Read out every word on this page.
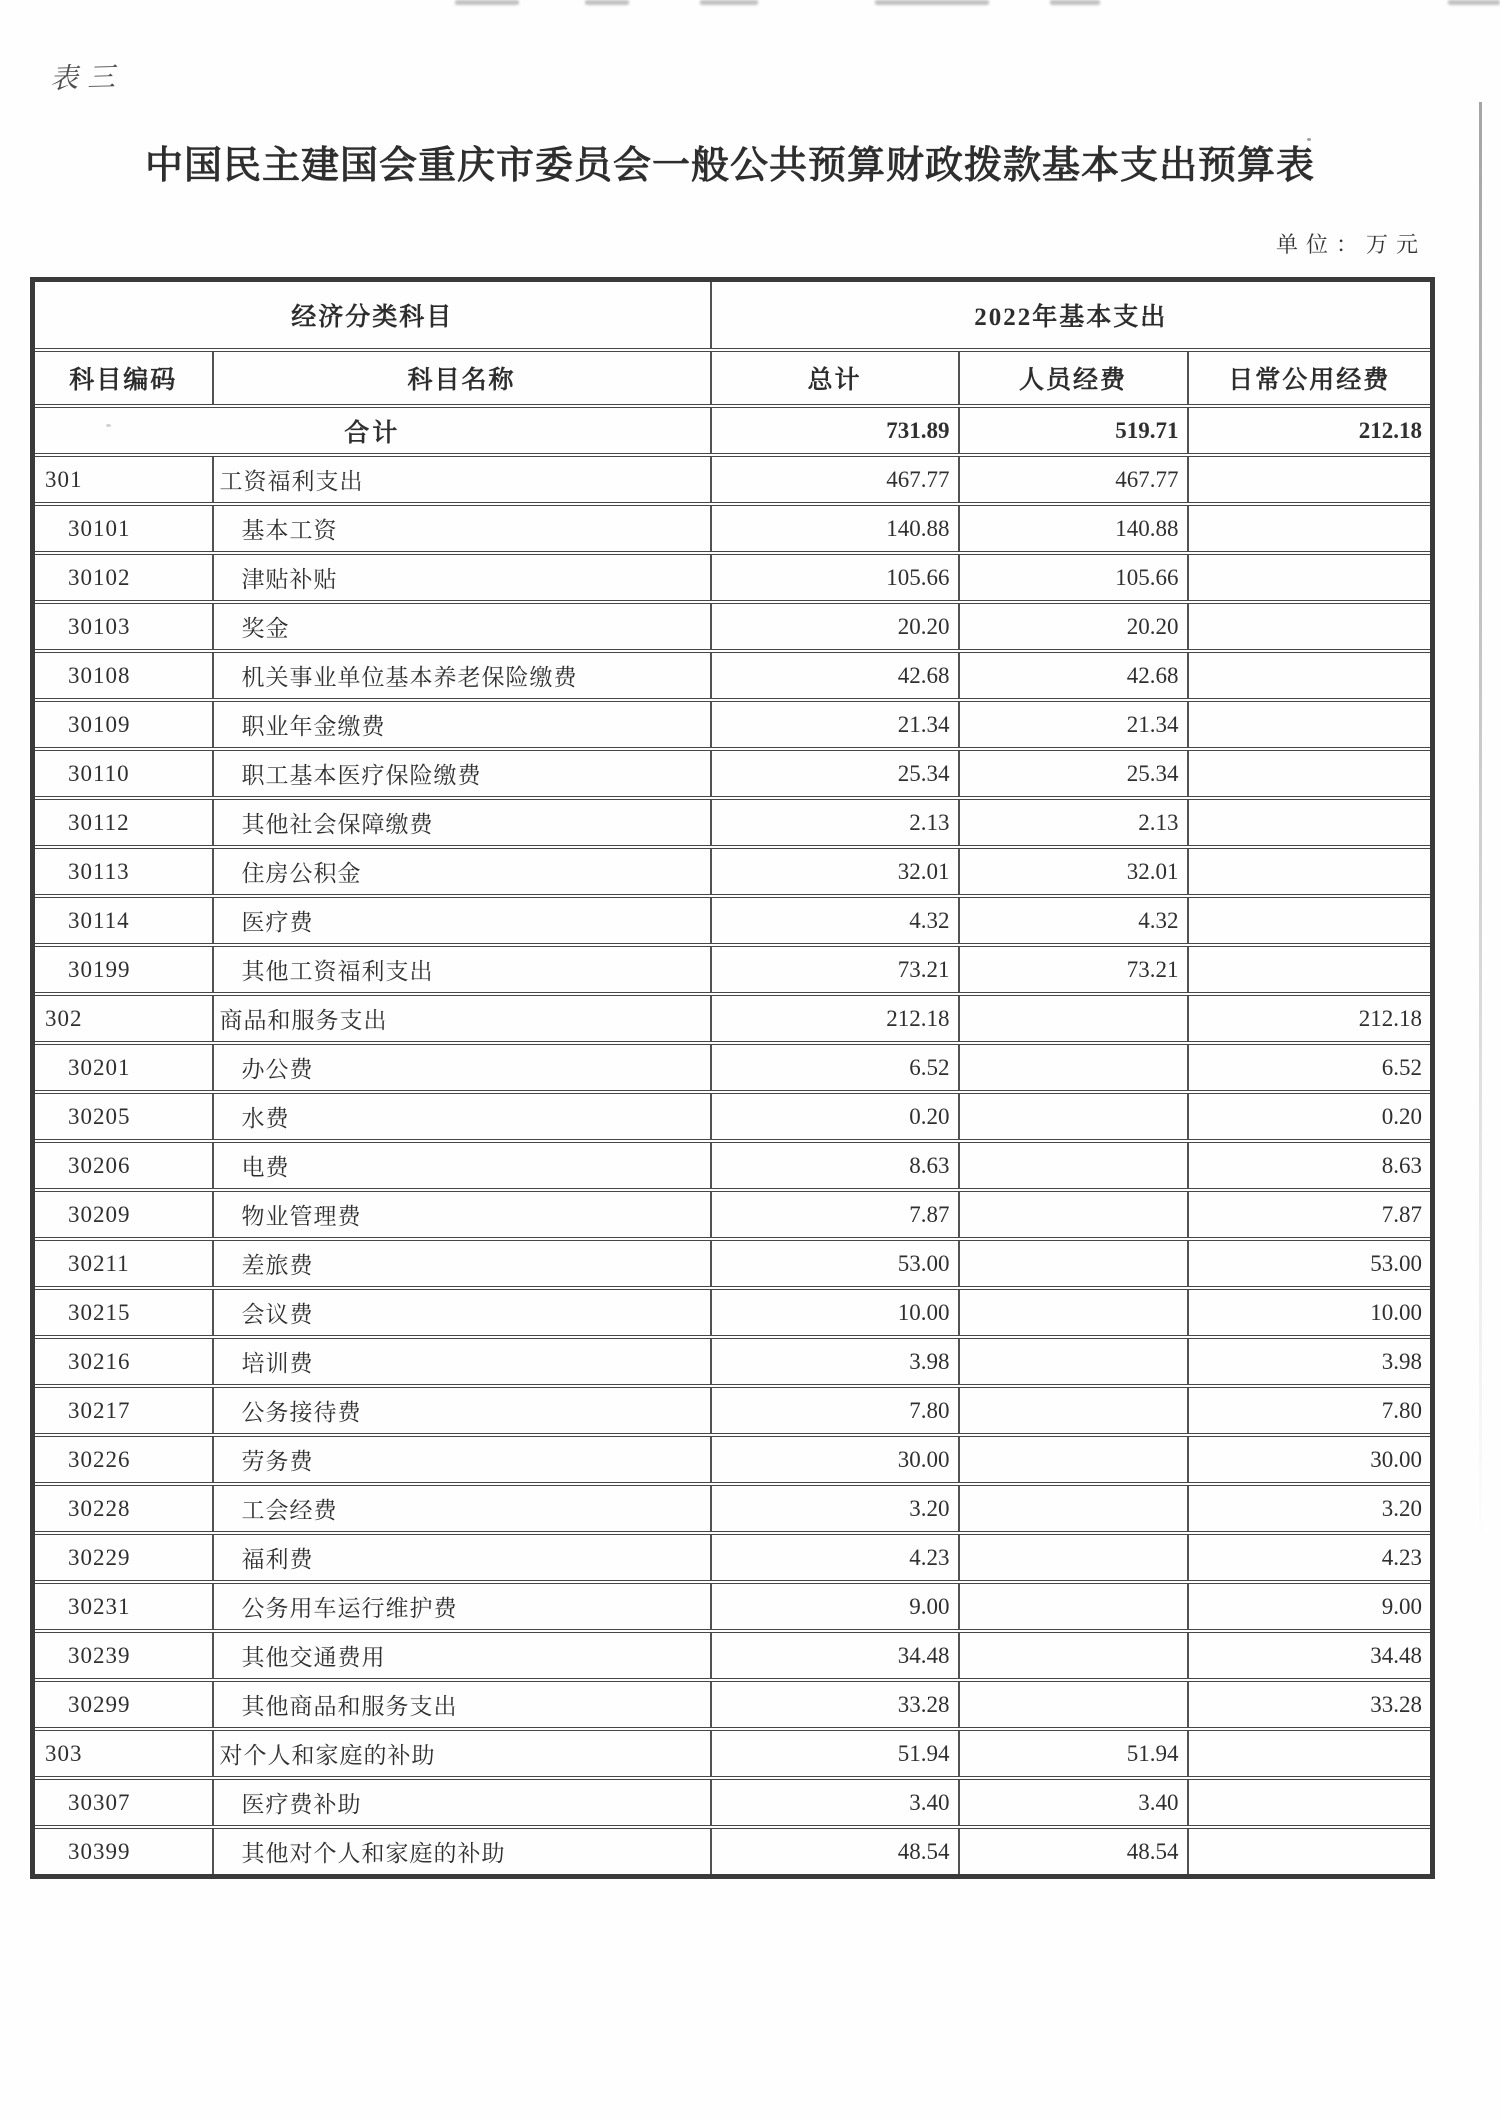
表三
中国民主建国会重庆市委员会一般公共预算财政拨款基本支出预算表
单位：万元
经济分类科目		2022年基本支出		
科目编码	科目名称	总计	人员经费	日常公用经费
合计		731.89	519.71	212.18
301	工资福利支出	467.77	467.77	
30101	基本工资	140.88	140.88	
30102	津贴补贴	105.66	105.66	
30103	奖金	20.20	20.20	
30108	机关事业单位基本养老保险缴费	42.68	42.68	
30109	职业年金缴费	21.34	21.34	
30110	职工基本医疗保险缴费	25.34	25.34	
30112	其他社会保障缴费	2.13	2.13	
30113	住房公积金	32.01	32.01	
30114	医疗费	4.32	4.32	
30199	其他工资福利支出	73.21	73.21	
302	商品和服务支出	212.18		212.18
30201	办公费	6.52		6.52
30205	水费	0.20		0.20
30206	电费	8.63		8.63
30209	物业管理费	7.87		7.87
30211	差旅费	53.00		53.00
30215	会议费	10.00		10.00
30216	培训费	3.98		3.98
30217	公务接待费	7.80		7.80
30226	劳务费	30.00		30.00
30228	工会经费	3.20		3.20
30229	福利费	4.23		4.23
30231	公务用车运行维护费	9.00		9.00
30239	其他交通费用	34.48		34.48
30299	其他商品和服务支出	33.28		33.28
303	对个人和家庭的补助	51.94	51.94	
30307	医疗费补助	3.40	3.40	
30399	其他对个人和家庭的补助	48.54	48.54	
